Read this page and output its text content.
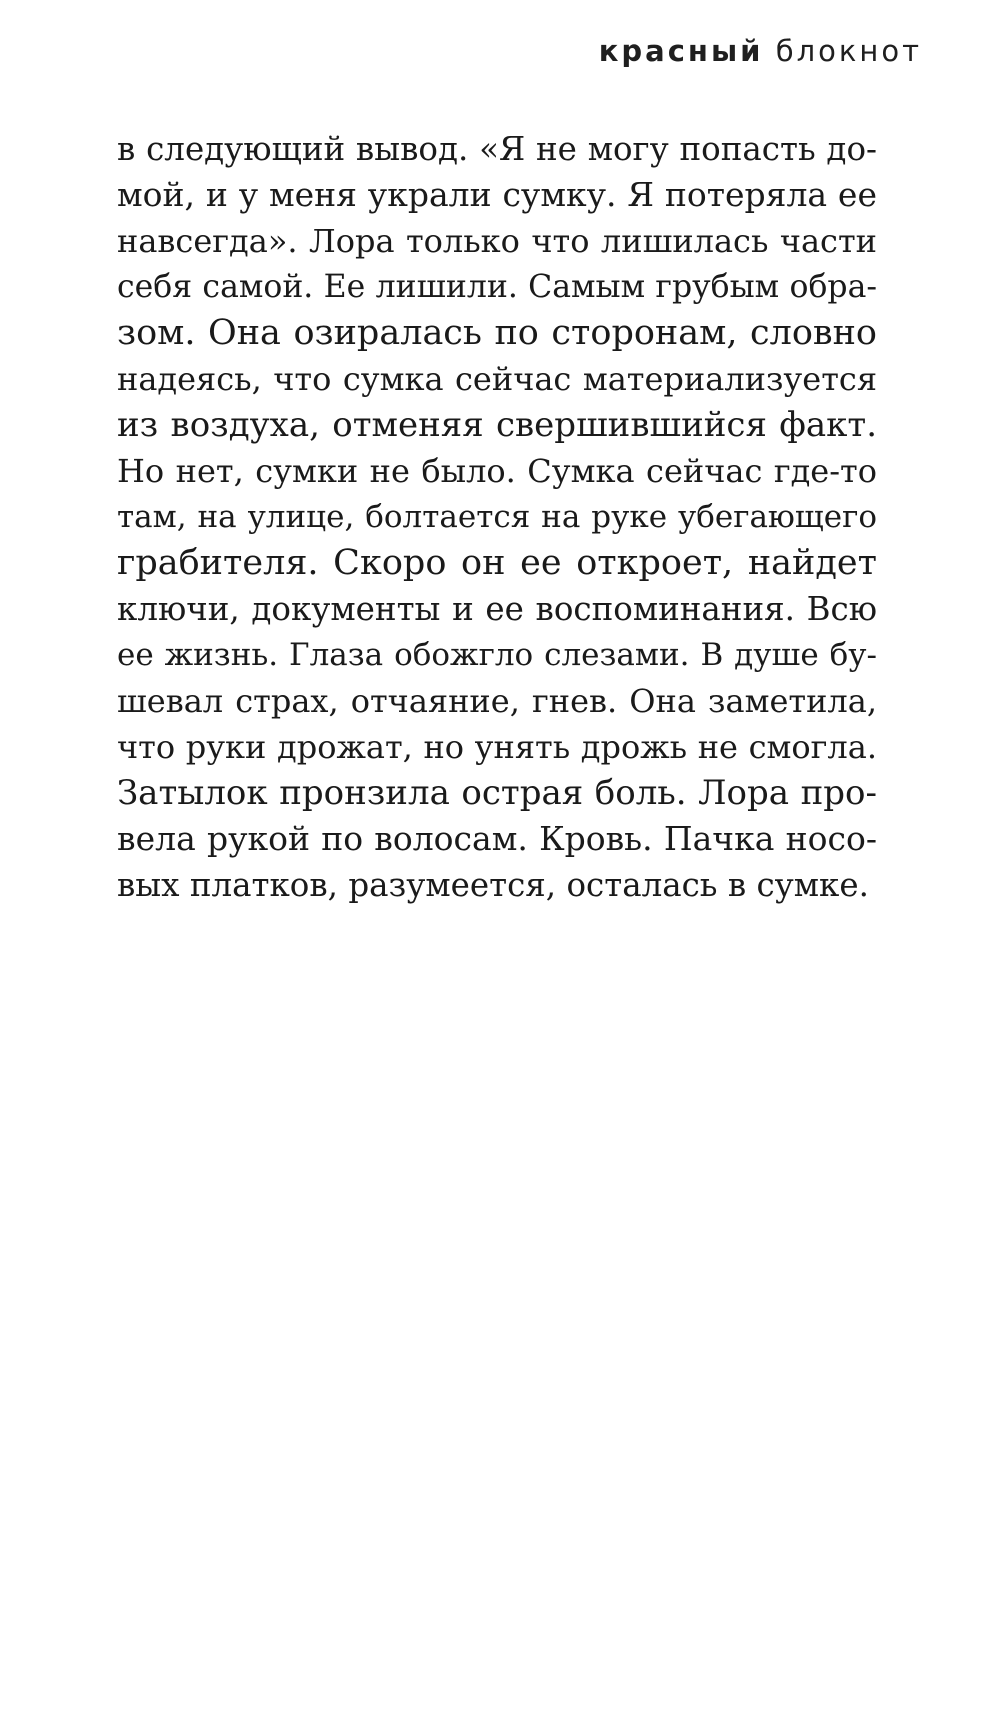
красный блокнот
в следующий вывод. «Я не могу попасть до-
мой, и у меня украли сумку. Я потеряла ее
навсегда». Лора только что лишилась части
себя самой. Ее лишили. Самым грубым обра-
зом. Она озиралась по сторонам, словно
надеясь, что сумка сейчас материализуется
из воздуха, отменяя свершившийся факт.
Но нет, сумки не было. Сумка сейчас где-то
там, на улице, болтается на руке убегающего
грабителя. Скоро он ее откроет, найдет
ключи, документы и ее воспоминания. Всю
ее жизнь. Глаза обожгло слезами. В душе бу-
шевал страх, отчаяние, гнев. Она заметила,
что руки дрожат, но унять дрожь не смогла.
Затылок пронзила острая боль. Лора про-
вела рукой по волосам. Кровь. Пачка носо-
вых платков, разумеется, осталась в сумке.
